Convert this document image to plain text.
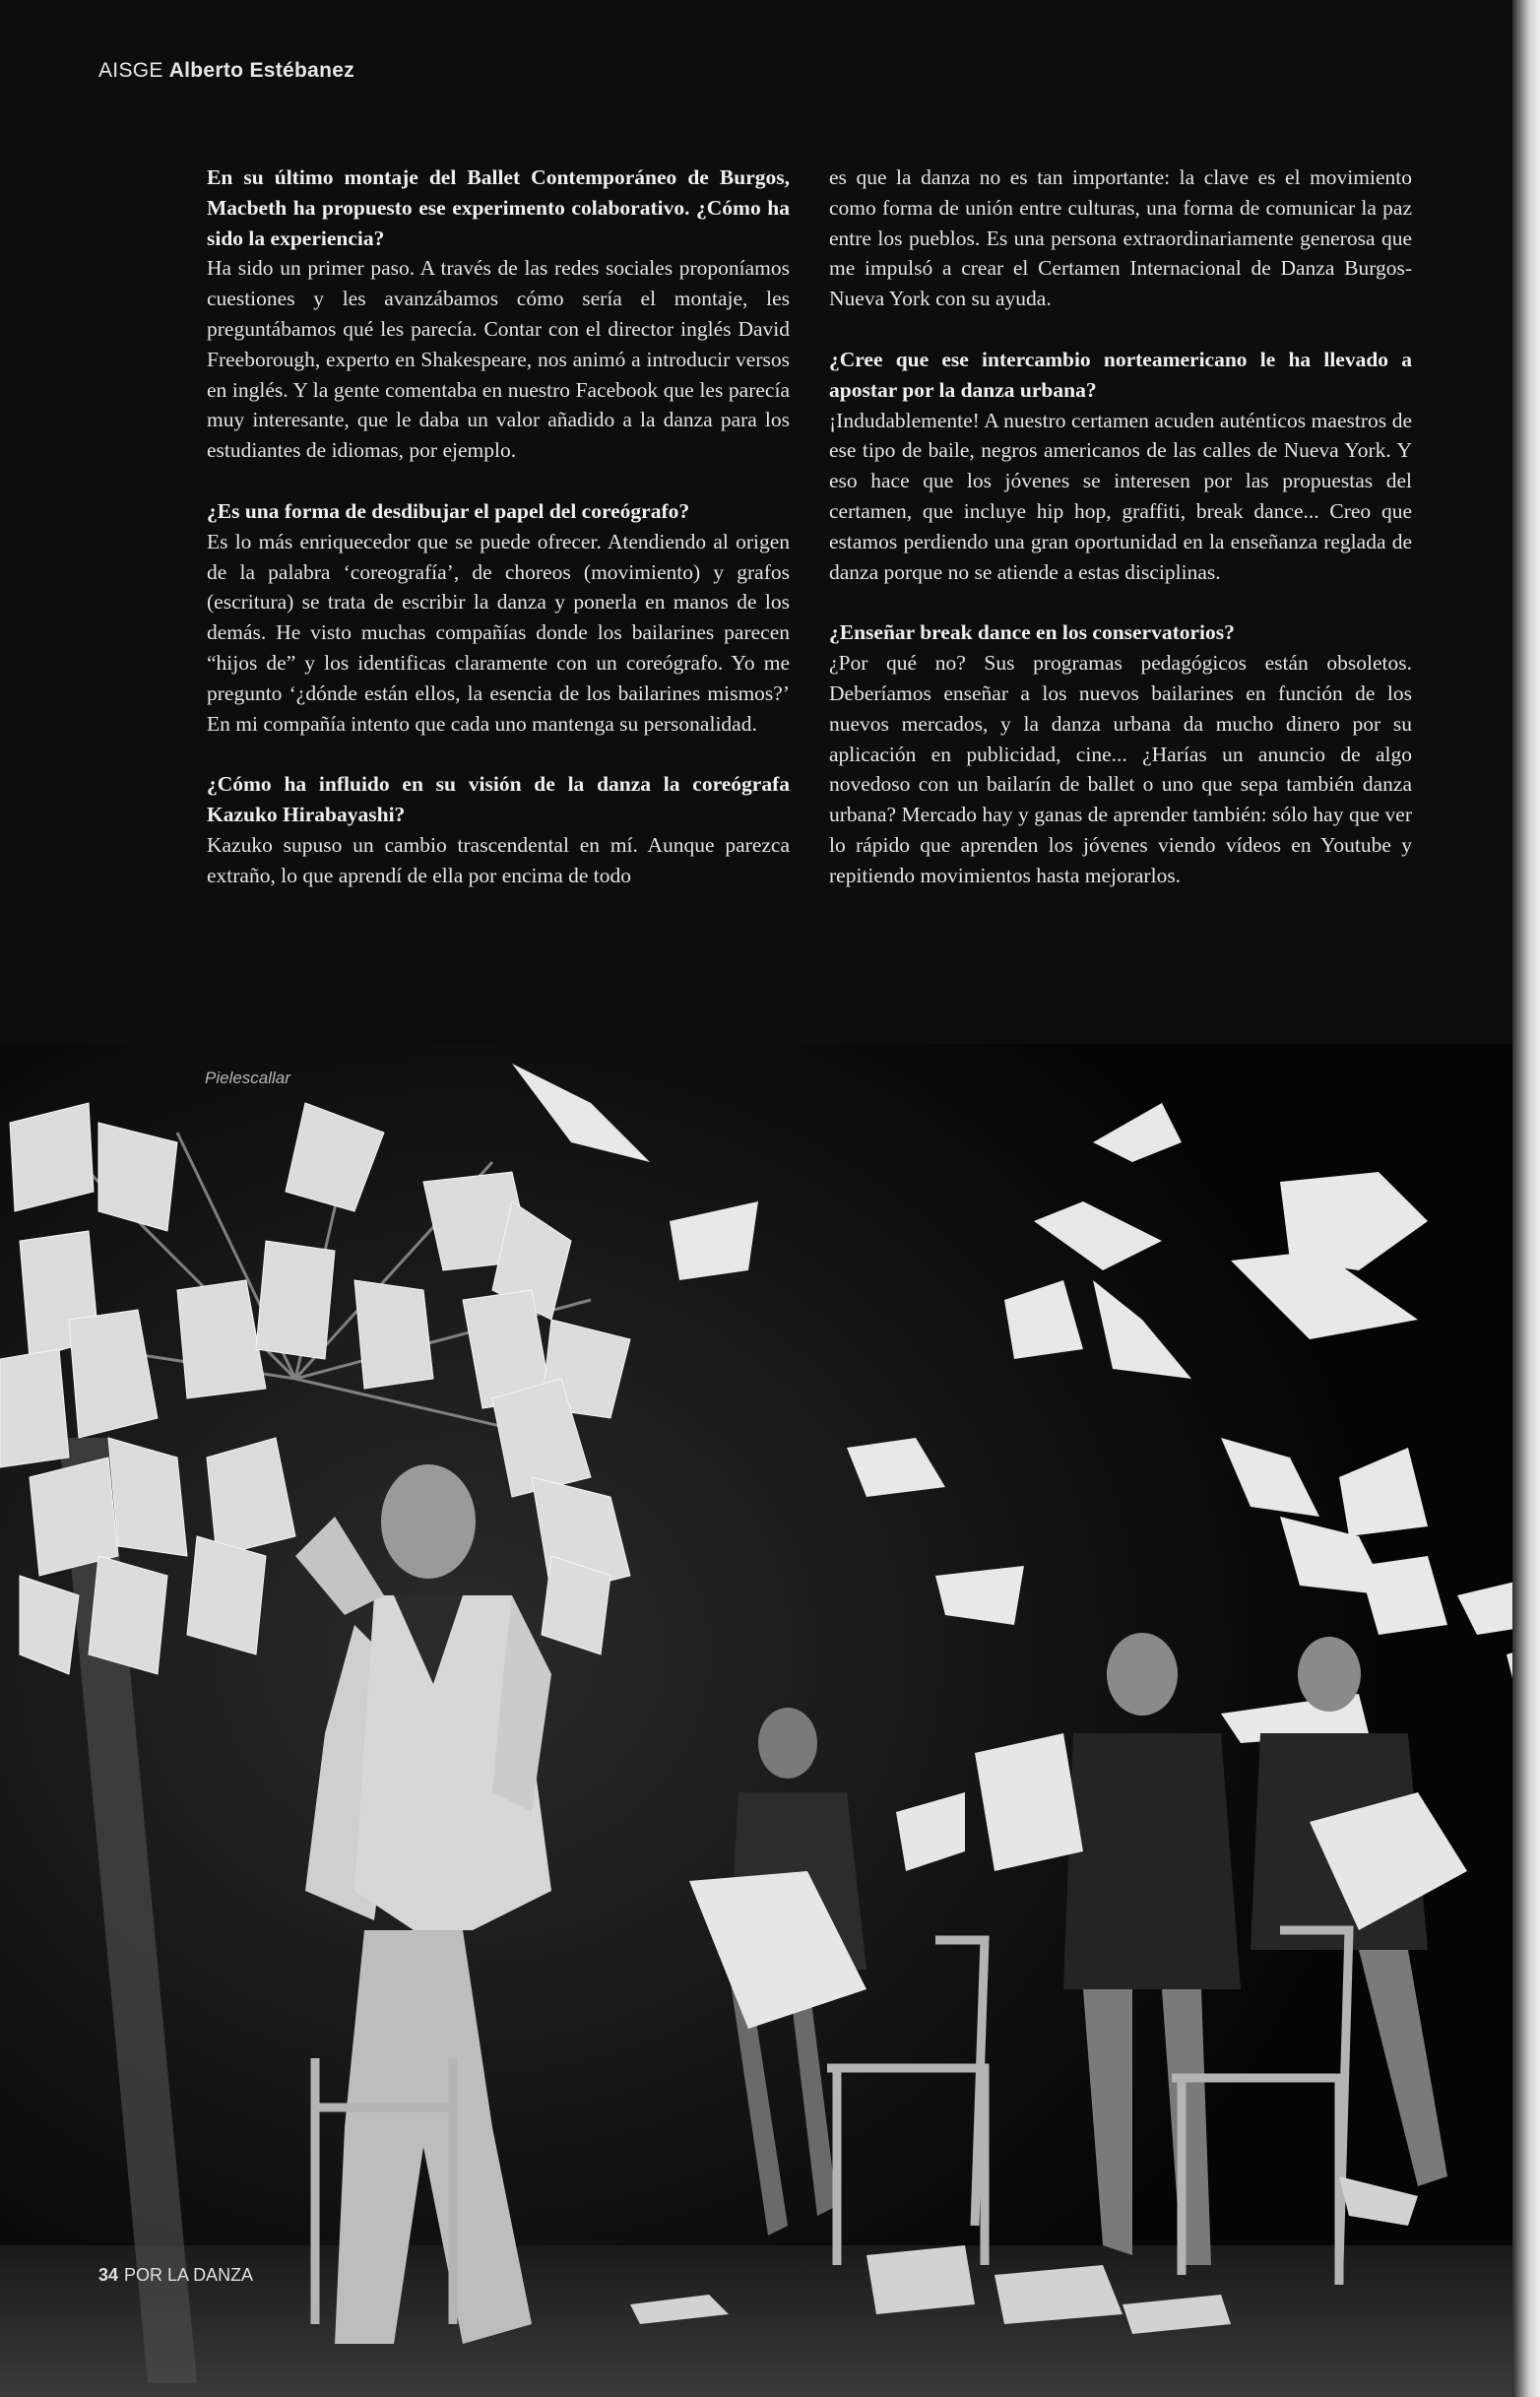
AISGE Alberto Estébanez

En su último montaje del Ballet Contemporáneo de Burgos, Macbeth ha propuesto ese experimento colaborativo. ¿Cómo ha sido la experiencia?

Ha sido un primer paso. A través de las redes sociales proponíamos cuestiones y les avanzábamos cómo sería el montaje, les preguntábamos qué les parecía. Contar con el director inglés David Freeborough, experto en Shakespeare, nos animó a introducir versos en inglés. Y la gente comentaba en nuestro Facebook que les parecía muy interesante, que le daba un valor añadido a la danza para los estudiantes de idiomas, por ejemplo.

¿Es una forma de desdibujar el papel del coreógrafo?

Es lo más enriquecedor que se puede ofrecer. Atendiendo al origen de la palabra ‘coreografía’, de choreos (movimiento) y grafos (escritura) se trata de escribir la danza y ponerla en manos de los demás. He visto muchas compañías donde los bailarines parecen “hijos de” y los identificas claramente con un coreógrafo. Yo me pregunto ‘¿dónde están ellos, la esencia de los bailarines mismos?’ En mi compañía intento que cada uno mantenga su personalidad.

¿Cómo ha influido en su visión de la danza la coreógrafa Kazuko Hirabayashi?

Kazuko supuso un cambio trascendental en mí. Aunque parezca extraño, lo que aprendí de ella por encima de todo

es que la danza no es tan importante: la clave es el movimiento como forma de unión entre culturas, una forma de comunicar la paz entre los pueblos. Es una persona extraordinariamente generosa que me impulsó a crear el Certamen Internacional de Danza Burgos-Nueva York con su ayuda.

¿Cree que ese intercambio norteamericano le ha llevado a apostar por la danza urbana?

¡Indudablemente! A nuestro certamen acuden auténticos maestros de ese tipo de baile, negros americanos de las calles de Nueva York. Y eso hace que los jóvenes se interesen por las propuestas del certamen, que incluye hip hop, graffiti, break dance... Creo que estamos perdiendo una gran oportunidad en la enseñanza reglada de danza porque no se atiende a estas disciplinas.

¿Enseñar break dance en los conservatorios?

¿Por qué no? Sus programas pedagógicos están obsoletos. Deberíamos enseñar a los nuevos bailarines en función de los nuevos mercados, y la danza urbana da mucho dinero por su aplicación en publicidad, cine... ¿Harías un anuncio de algo novedoso con un bailarín de ballet o uno que sepa también danza urbana? Mercado hay y ganas de aprender también: sólo hay que ver lo rápido que aprenden los jóvenes viendo vídeos en Youtube y repitiendo movimientos hasta mejorarlos.

Pielescallar
34 POR LA DANZA
